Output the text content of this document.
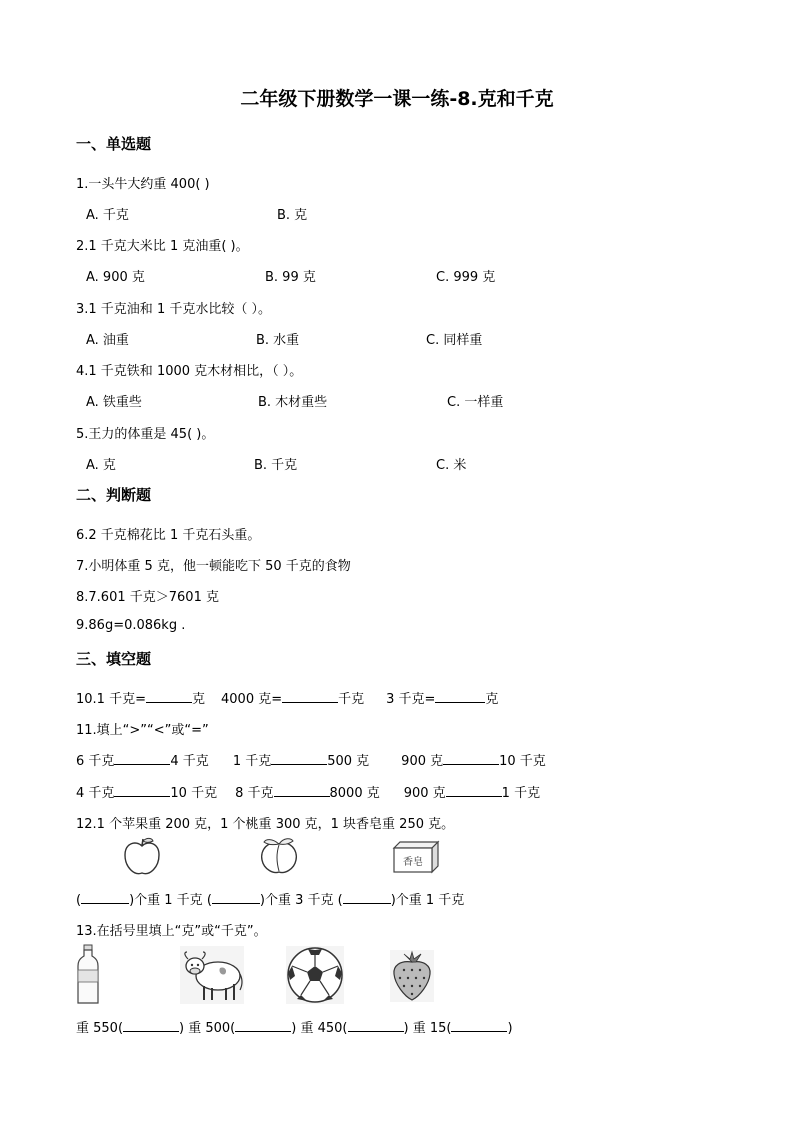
二年级下册数学一课一练-8.克和千克
一、单选题
1.一头牛大约重 400( )
A. 千克	B. 克
2.1 千克大米比 1 克油重( )。
A. 900 克	B. 99 克	C. 999 克
3.1 千克油和 1 千克水比较（ ）。
A. 油重	B. 水重	C. 同样重
4.1 千克铁和 1000 克木材相比，（ ）。
A. 铁重些	B. 木材重些	C. 一样重
5.王力的体重是 45( )。
A. 克	B. 千克	C. 米
二、判断题
6.2 千克棉花比 1 千克石头重。
7.小明体重 5 克，他一顿能吃下 50 千克的食物
8.7.601 千克＞7601 克
9.86g=0.086kg .
三、填空题
10.1 千克=	克 4000 克=	千克 3 千克=	克
11.填上“>”“<”或“=”
6 千克	4 千克 1 千克	500 克 900 克	10 千克
4 千克	10 千克 8 千克	8000 克 900 克	1 千克
12.1 个苹果重 200 克，1 个桃重 300 克，1 块香皂重 250 克。
香皂
(	)个重 1 千克 (	)个重 3 千克 (	)个重 1 千克
13.在括号里填上“克”或“千克”。
重 550(	) 重 500(	) 重 450(	) 重 15(	)
